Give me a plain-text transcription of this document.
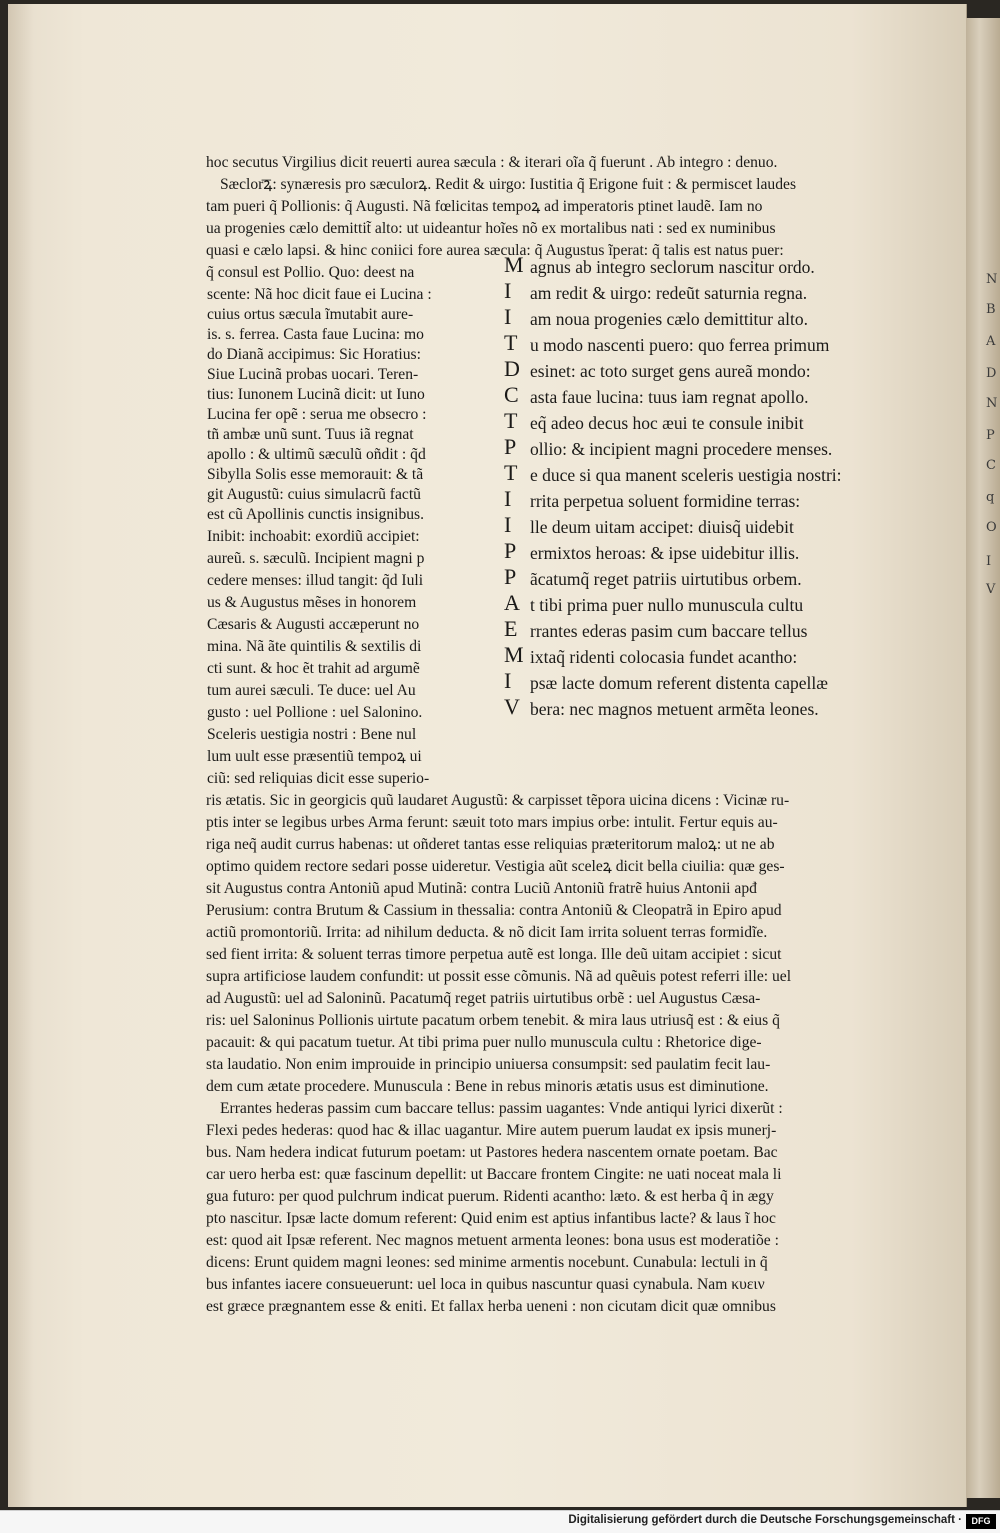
N
B
A
D
N
P
C
q
O
I
V
hoc secutus Virgilius dicit reuerti aurea sæcula : & iterari oĩa q̃ fuerunt . Ab integro : denuo.
Sæclor͞ꝝ: synæresis pro sæculorꝝ. Redit & uirgo: Iustitia q̃ Erigone fuit : & permiscet laudes
tam pueri q̃ Pollionis: q̃ Augusti. Nã fœlicitas tempoꝝ ad imperatoris ptinet laudẽ. Iam no
ua progenies cælo demittit̃ alto: ut uideantur hoĩes nõ ex mortalibus nati : sed ex numinibus
quasi e cælo lapsi. & hinc coniici fore aurea sæcula: q̃ Augustus ĩperat: q̃ talis est natus puer:
q̃ consul est Pollio. Quo: deest na
scente: Nã hoc dicit faue ei Lucina :
cuius ortus sæcula ĩmutabit aure-
is. s. ferrea. Casta faue Lucina: mo
do Dianã accipimus: Sic Horatius:
Siue Lucinã probas uocari. Teren-
tius: Iunonem Lucinã dicit: ut Iuno
Lucina fer opẽ : serua me obsecro :
tñ ambæ unũ sunt. Tuus iã regnat
apollo : & ultimũ sæculũ oñdit : q̃d
Sibylla Solis esse memorauit: & tã
git Augustũ: cuius simulacrũ factũ
est cũ Apollinis cunctis insignibus.
Inibit: inchoabit: exordiũ accipiet:
aureũ. s. sæculũ. Incipient magni p
cedere menses: illud tangit: q̃d Iuli
us & Augustus mẽses in honorem
Cæsaris & Augusti accæperunt no
mina. Nã ãte quintilis & sextilis di
cti sunt. & hoc ẽt trahit ad argumẽ
tum aurei sæculi. Te duce: uel Au
gusto : uel Pollione : uel Salonino.
Sceleris uestigia nostri : Bene nul
lum uult esse præsentiũ tempoꝝ ui
ciũ: sed reliquias dicit esse superio-
M agnus ab integro seclorum nascitur ordo.
I am redit & uirgo: redeũt saturnia regna.
I am noua progenies cælo demittitur alto.
T u modo nascenti puero: quo ferrea primum
D esinet: ac toto surget gens aureã mondo:
C asta faue lucina: tuus iam regnat apollo.
T eq̃ adeo decus hoc æui te consule inibit
P ollio: & incipient magni procedere menses.
T e duce si qua manent sceleris uestigia nostri:
I rrita perpetua soluent formidine terras:
I lle deum uitam accipet: diuisq̃ uidebit
P ermixtos heroas: & ipse uidebitur illis.
P ãcatumq̃ reget patriis uirtutibus orbem.
A t tibi prima puer nullo munuscula cultu
E rrantes ederas pasim cum baccare tellus
M ixtaq̃ ridenti colocasia fundet acantho:
I psæ lacte domum referent distenta capellæ
V bera: nec magnos metuent armẽta leones.
ris ætatis. Sic in georgicis quũ laudaret Augustũ: & carpisset tẽpora uicina dicens : Vicinæ ru-
ptis inter se legibus urbes Arma ferunt: sæuit toto mars impius orbe: intulit. Fertur equis au-
riga neq̃ audit currus habenas: ut oñderet tantas esse reliquias præteritorum maloꝝ: ut ne ab
optimo quidem rectore sedari posse uideretur. Vestigia aũt sceleꝝ dicit bella ciuilia: quæ ges-
sit Augustus contra Antoniũ apud Mutinã: contra Luciũ Antoniũ fratrẽ huius Antonii apđ
Perusium: contra Brutum & Cassium in thessalia: contra Antoniũ & Cleopatrã in Epiro apud
actiũ promontoriũ. Irrita: ad nihilum deducta. & nõ dicit Iam irrita soluent terras formidĩe.
sed fient irrita: & soluent terras timore perpetua autẽ est longa. Ille deũ uitam accipiet : sicut
supra artificiose laudem confundit: ut possit esse cõmunis. Nã ad quẽuis potest referri ille: uel
ad Augustũ: uel ad Saloninũ. Pacatumq̃ reget patriis uirtutibus orbẽ : uel Augustus Cæsa-
ris: uel Saloninus Pollionis uirtute pacatum orbem tenebit. & mira laus utriusq̃ est : & eius q̃
pacauit: & qui pacatum tuetur. At tibi prima puer nullo munuscula cultu : Rhetorice dige-
sta laudatio. Non enim improuide in principio uniuersa consumpsit: sed paulatim fecit lau-
dem cum ætate procedere. Munuscula : Bene in rebus minoris ætatis usus est diminutione.
Errantes hederas passim cum baccare tellus: passim uagantes: Vnde antiqui lyrici dixerũt :
Flexi pedes hederas: quod hac & illac uagantur. Mire autem puerum laudat ex ipsis munerj-
bus. Nam hedera indicat futurum poetam: ut Pastores hedera nascentem ornate poetam. Bac
car uero herba est: quæ fascinum depellit: ut Baccare frontem Cingite: ne uati noceat mala li
gua futuro: per quod pulchrum indicat puerum. Ridenti acantho: læto. & est herba q̃ in ægy
pto nascitur. Ipsæ lacte domum referent: Quid enim est aptius infantibus lacte? & laus ĩ hoc
est: quod ait Ipsæ referent. Nec magnos metuent armenta leones: bona usus est moderatiõe :
dicens: Erunt quidem magni leones: sed minime armentis nocebunt. Cunabula: lectuli in q̃
bus infantes iacere consueuerunt: uel loca in quibus nascuntur quasi cynabula. Nam κυειν
est græce prægnantem esse & eniti. Et fallax herba ueneni : non cicutam dicit quæ omnibus
Digitalisierung gefördert durch die Deutsche Forschungsgemeinschaft ·	DFG
